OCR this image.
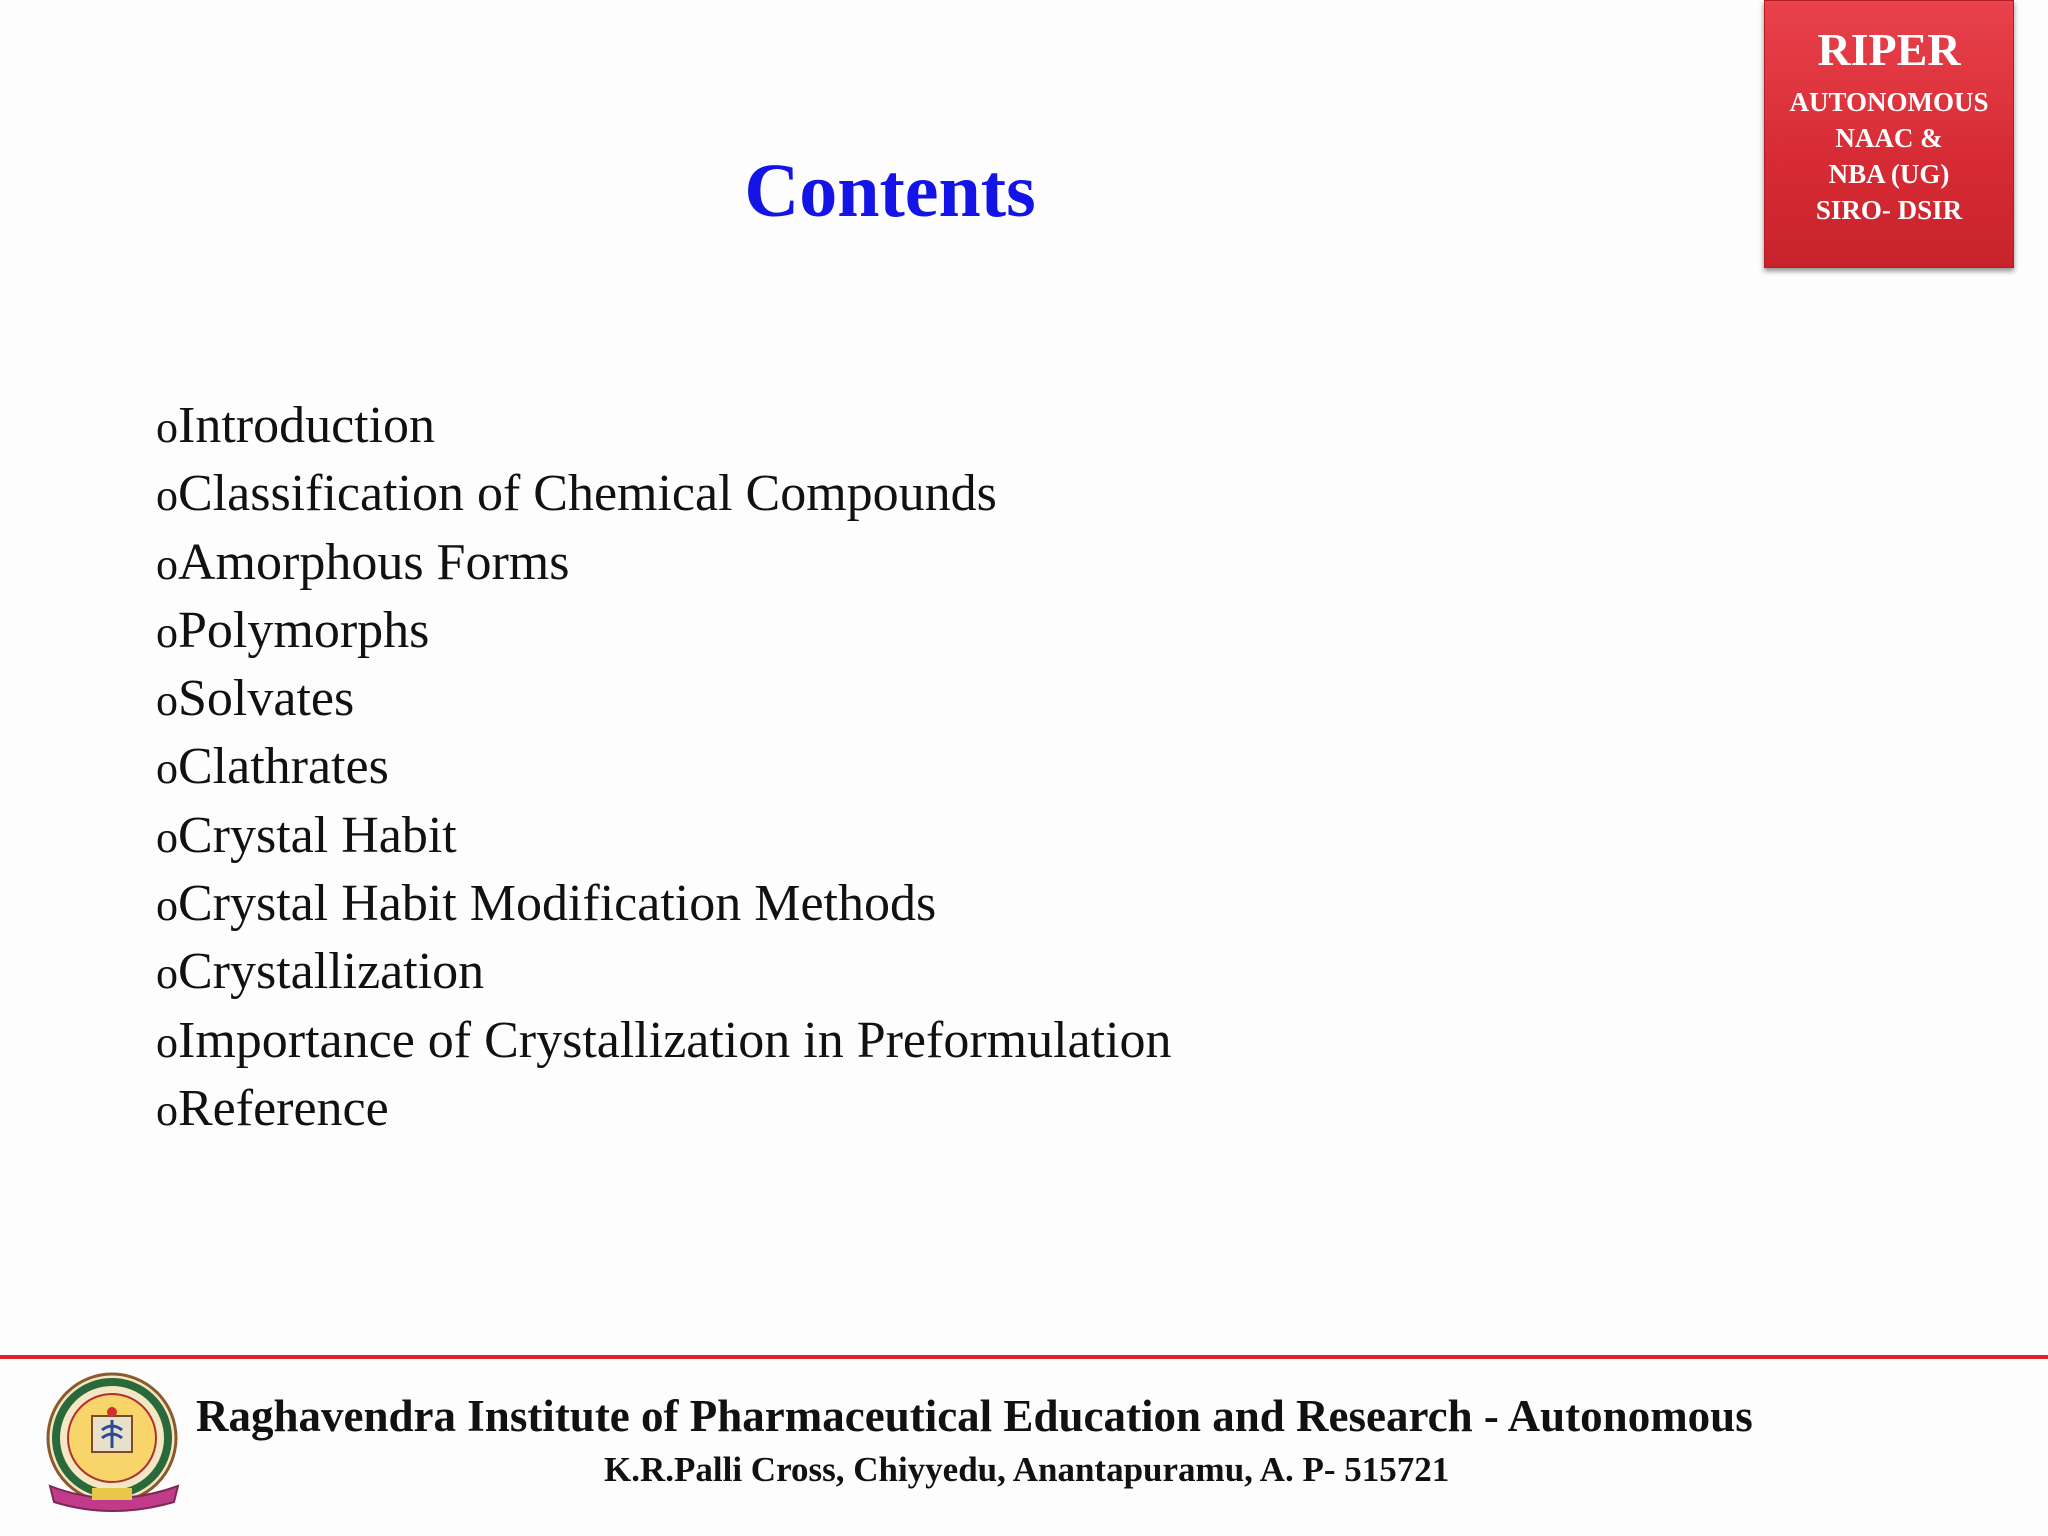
RIPER
AUTONOMOUS
NAAC &
NBA (UG)
SIRO- DSIR
Contents
oIntroduction
oClassification of Chemical Compounds
oAmorphous Forms
oPolymorphs
oSolvates
oClathrates
oCrystal Habit
oCrystal Habit Modification Methods
oCrystallization
oImportance of Crystallization in Preformulation
oReference
Raghavendra Institute of Pharmaceutical Education and Research - Autonomous
K.R.Palli Cross, Chiyyedu, Anantapuramu, A. P- 515721
